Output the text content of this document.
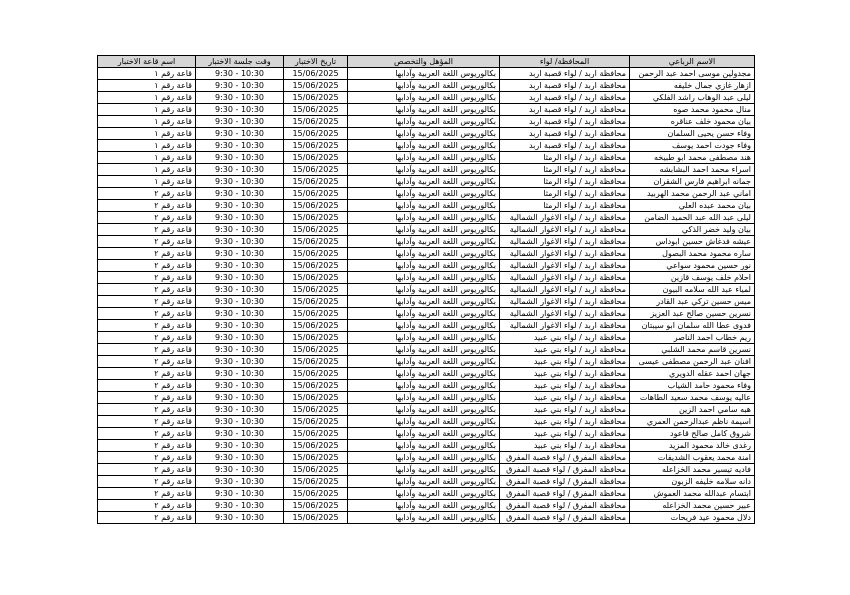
الاسم الرباعي	المحافظة/ لواء	المؤهل والتخصص	تاريخ الاختبار	وقت جلسة الاختبار	اسم قاعة الاختبار
مجدولين موسى احمد عبد الرحمن	محافظة اربد / لواء قصبة اربد	بكالوريوس اللغة العربية وآدابها	15/06/2025	9:30 - 10:30	قاعة رقم ١
ازهار غازي جمال خليفه	محافظة اربد / لواء قصبة اربد	بكالوريوس اللغة العربية وآدابها	15/06/2025	9:30 - 10:30	قاعة رقم ١
ليلى عبد الوهاب راشد الفلكي	محافظة اربد / لواء قصبة اربد	بكالوريوس اللغة العربية وآدابها	15/06/2025	9:30 - 10:30	قاعة رقم ١
منال محمود محمد صوه	محافظة اربد / لواء قصبة اربد	بكالوريوس اللغة العربية وآدابها	15/06/2025	9:30 - 10:30	قاعة رقم ١
بيان محمود خلف عناقره	محافظة اربد / لواء قصبة اربد	بكالوريوس اللغة العربية وآدابها	15/06/2025	9:30 - 10:30	قاعة رقم ١
وفاء حسن يحيى السلمان	محافظة اربد / لواء قصبة اربد	بكالوريوس اللغة العربية وآدابها	15/06/2025	9:30 - 10:30	قاعة رقم ١
وفاء جودت احمد يوسف	محافظة اربد / لواء قصبة اربد	بكالوريوس اللغة العربية وآدابها	15/06/2025	9:30 - 10:30	قاعة رقم ١
هند مصطفى محمد ابو طبيخه	محافظة اربد / لواء الرمثا	بكالوريوس اللغة العربية وآدابها	15/06/2025	9:30 - 10:30	قاعة رقم ١
اسراء محمد احمد البشابشه	محافظة اربد / لواء الرمثا	بكالوريوس اللغة العربية وآدابها	15/06/2025	9:30 - 10:30	قاعة رقم ١
جمانه ابراهيم فارس الشقران	محافظة اربد / لواء الرمثا	بكالوريوس اللغة العربية وآدابها	15/06/2025	9:30 - 10:30	قاعة رقم ١
اماني عبد الرحمن محمد الهربيد	محافظة اربد / لواء الرمثا	بكالوريوس اللغة العربية وآدابها	15/06/2025	9:30 - 10:30	قاعة رقم ٢
بيان محمد عبده العلي	محافظة اربد / لواء الرمثا	بكالوريوس اللغة العربية وآدابها	15/06/2025	9:30 - 10:30	قاعة رقم ٢
ليلى عبد الله عبد الحميد الضامن	محافظة اربد / لواء الاغوار الشمالية	بكالوريوس اللغة العربية وآدابها	15/06/2025	9:30 - 10:30	قاعة رقم ٢
بيان وليد خضر الذكي	محافظة اربد / لواء الاغوار الشمالية	بكالوريوس اللغة العربية وآدابها	15/06/2025	9:30 - 10:30	قاعة رقم ٢
عيشه فدغاش حسين ابوداس	محافظة اربد / لواء الاغوار الشمالية	بكالوريوس اللغة العربية وآدابها	15/06/2025	9:30 - 10:30	قاعة رقم ٢
ساره محمود محمد البصول	محافظة اربد / لواء الاغوار الشمالية	بكالوريوس اللغة العربية وآدابها	15/06/2025	9:30 - 10:30	قاعة رقم ٢
نور حسين محمود سواعي	محافظة اربد / لواء الاغوار الشمالية	بكالوريوس اللغة العربية وآدابها	15/06/2025	9:30 - 10:30	قاعة رقم ٢
احلام خلف يوسف قازين	محافظة اربد / لواء الاغوار الشمالية	بكالوريوس اللغة العربية وآدابها	15/06/2025	9:30 - 10:30	قاعة رقم ٢
لمياء عبد الله سلامه البيون	محافظة اربد / لواء الاغوار الشمالية	بكالوريوس اللغة العربية وآدابها	15/06/2025	9:30 - 10:30	قاعة رقم ٢
ميس حسين تركي عبد القادر	محافظة اربد / لواء الاغوار الشمالية	بكالوريوس اللغة العربية وآدابها	15/06/2025	9:30 - 10:30	قاعة رقم ٢
نسرين حسين صالح عبد العزيز	محافظة اربد / لواء الاغوار الشمالية	بكالوريوس اللغة العربية وآدابها	15/06/2025	9:30 - 10:30	قاعة رقم ٢
فدوى عطا الله سلمان ابو سيبتان	محافظة اربد / لواء الاغوار الشمالية	بكالوريوس اللغة العربية وآدابها	15/06/2025	9:30 - 10:30	قاعة رقم ٢
ريم خطاب احمد الناصر	محافظة اربد / لواء بني عبيد	بكالوريوس اللغة العربية وآدابها	15/06/2025	9:30 - 10:30	قاعة رقم ٢
نسرين قاسم محمد الشلبي	محافظة اربد / لواء بني عبيد	بكالوريوس اللغة العربية وآدابها	15/06/2025	9:30 - 10:30	قاعة رقم ٢
افنان عبد الرحمن مصطفى عيسى	محافظة اربد / لواء بني عبيد	بكالوريوس اللغة العربية وآدابها	15/06/2025	9:30 - 10:30	قاعة رقم ٢
جهان احمد عقله الدويري	محافظة اربد / لواء بني عبيد	بكالوريوس اللغة العربية وآدابها	15/06/2025	9:30 - 10:30	قاعة رقم ٢
وفاء محمود حامد الشياب	محافظة اربد / لواء بني عبيد	بكالوريوس اللغة العربية وآدابها	15/06/2025	9:30 - 10:30	قاعة رقم ٢
عاليه يوسف محمد سعيد الطاهات	محافظة اربد / لواء بني عبيد	بكالوريوس اللغة العربية وآدابها	15/06/2025	9:30 - 10:30	قاعة رقم ٢
هبه سامي احمد الزين	محافظة اربد / لواء بني عبيد	بكالوريوس اللغة العربية وآدابها	15/06/2025	9:30 - 10:30	قاعة رقم ٢
اسيمة ناظم عبدالرحمن العمري	محافظة اربد / لواء بني عبيد	بكالوريوس اللغة العربية وآدابها	15/06/2025	9:30 - 10:30	قاعة رقم ٢
شروق كامل صالح قاعود	محافظة اربد / لواء بني عبيد	بكالوريوس اللغة العربية وآدابها	15/06/2025	9:30 - 10:30	قاعة رقم ٢
رغدى خالد محمود المزيد	محافظة اربد / لواء بني عبيد	بكالوريوس اللغة العربية وآدابها	15/06/2025	9:30 - 10:30	قاعة رقم ٢
امنة محمد يعقوب الشديفات	محافظة المفرق / لواء قصبة المفرق	بكالوريوس اللغة العربية وآدابها	15/06/2025	9:30 - 10:30	قاعة رقم ٢
فاديه تيسير محمد الخزاعله	محافظة المفرق / لواء قصبة المفرق	بكالوريوس اللغة العربية وآدابها	15/06/2025	9:30 - 10:30	قاعة رقم ٢
دانه سلامه خليفه الزبون	محافظة المفرق / لواء قصبة المفرق	بكالوريوس اللغة العربية وآدابها	15/06/2025	9:30 - 10:30	قاعة رقم ٢
ابتسام عبدالله محمد العموش	محافظة المفرق / لواء قصبة المفرق	بكالوريوس اللغة العربية وآدابها	15/06/2025	9:30 - 10:30	قاعة رقم ٢
عبير حسين محمد الخزاعله	محافظة المفرق / لواء قصبة المفرق	بكالوريوس اللغة العربية وآدابها	15/06/2025	9:30 - 10:30	قاعة رقم ٢
دلال محمود عيد فريحات	محافظة المفرق / لواء قصبة المفرق	بكالوريوس اللغة العربية وآدابها	15/06/2025	9:30 - 10:30	قاعة رقم ٢
